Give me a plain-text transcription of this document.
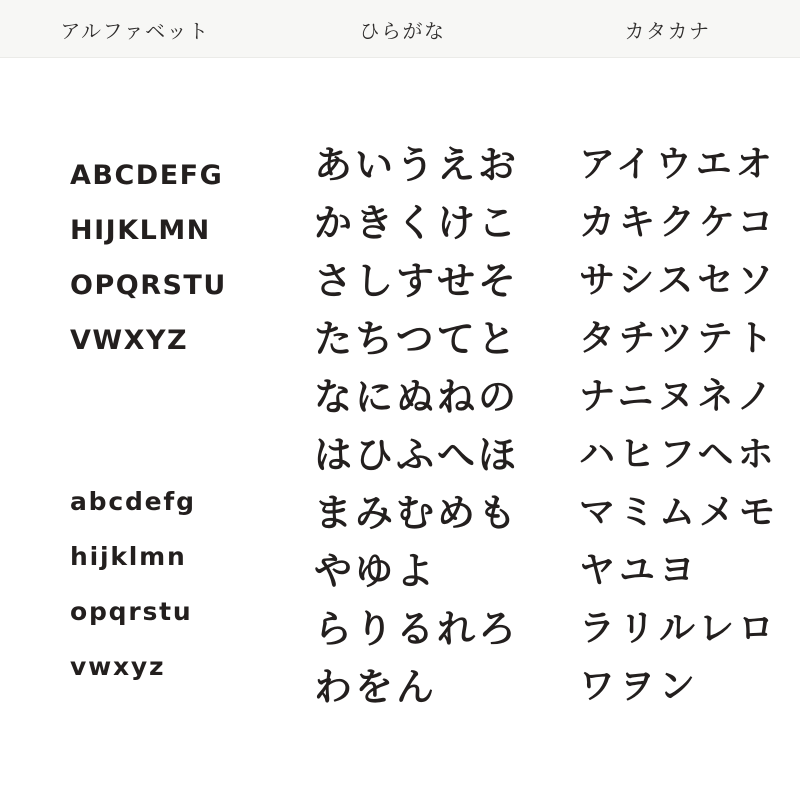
アルファベット	ひらがな	カタカナ
ABCDEFG
HIJKLMN
OPQRSTU
VWXYZ
abcdefg
hijklmn
opqrstu
vwxyz
あいうえお
かきくけこ
さしすせそ
たちつてと
なにぬねの
はひふへほ
まみむめも
やゆよ
らりるれろ
わをん
アイウエオ
カキクケコ
サシスセソ
タチツテト
ナニヌネノ
ハヒフヘホ
マミムメモ
ヤユヨ
ラリルレロ
ワヲン
